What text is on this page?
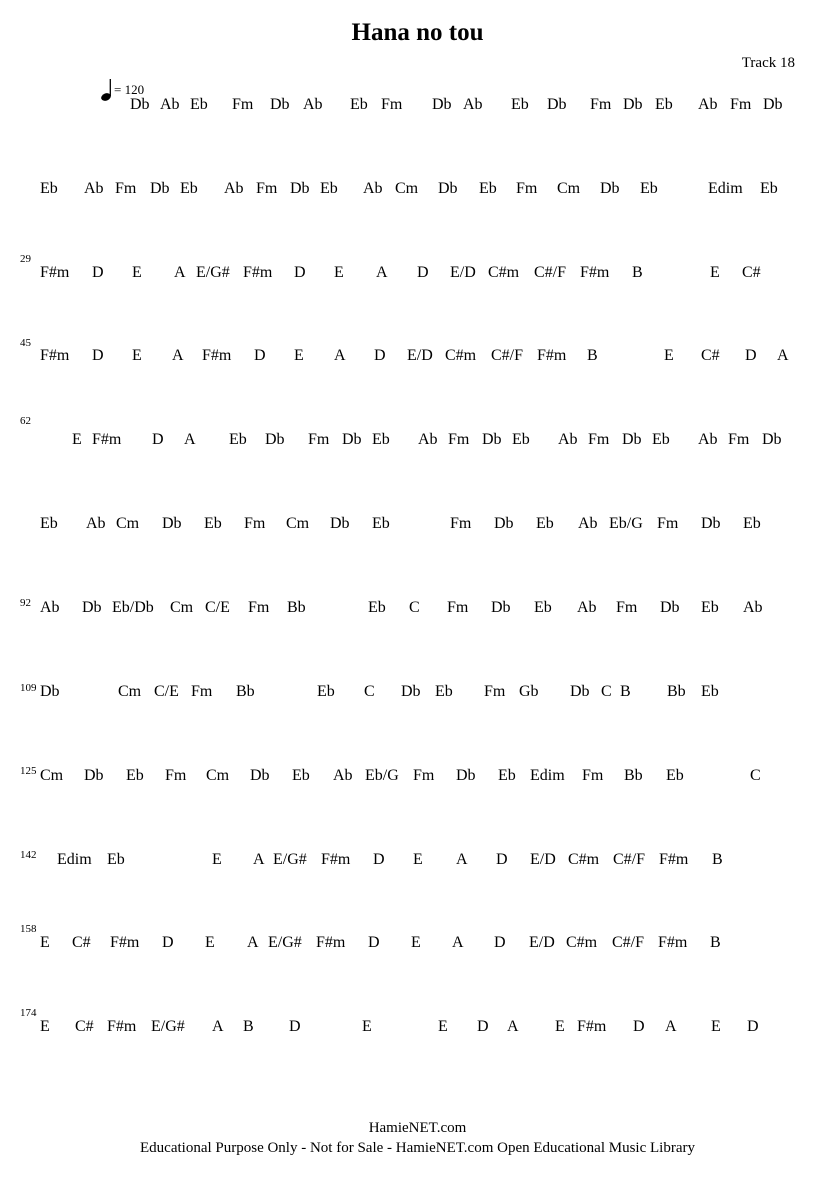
Hana no tou
Track 18
= 120
Db Ab Eb Fm Db Ab Eb Fm Db Ab Eb Db Fm Db Eb Ab Fm Db
Eb Ab Fm Db Eb Ab Fm Db Eb Ab Cm Db Eb Fm Cm Db Eb	Edim Eb
29
F#m D E A E/G# F#m D E A D E/D C#m C#/F F#m B	E C#
45
F#m D E A F#m D E A D E/D C#m C#/F F#m B	E C# D A
62
E F#m D A Eb Db Fm Db Eb Ab Fm Db Eb Ab Fm Db Eb Ab Fm Db
Eb Ab Cm Db Eb Fm Cm Db Eb	Fm Db Eb Ab Eb/G Fm Db Eb
92 Ab Db Eb/Db Cm C/E Fm Bb	Eb C Fm Db Eb Ab Fm Db Eb Ab
109 Db	Cm C/E Fm Bb	Eb C Db Eb Fm Gb Db C B Bb Eb
125 Cm Db Eb Fm Cm Db Eb Ab Eb/G Fm Db Eb Edim Fm Bb Eb	C
142 Edim Eb	E A E/G# F#m D E A D E/D C#m C#/F F#m B
158
E C# F#m D E A E/G# F#m D E A D E/D C#m C#/F F#m B
174
E C# F#m E/G# A B D	E	E D A E F#m D A E D
HamieNET.com
Educational Purpose Only - Not for Sale - HamieNET.com Open Educational Music Library
